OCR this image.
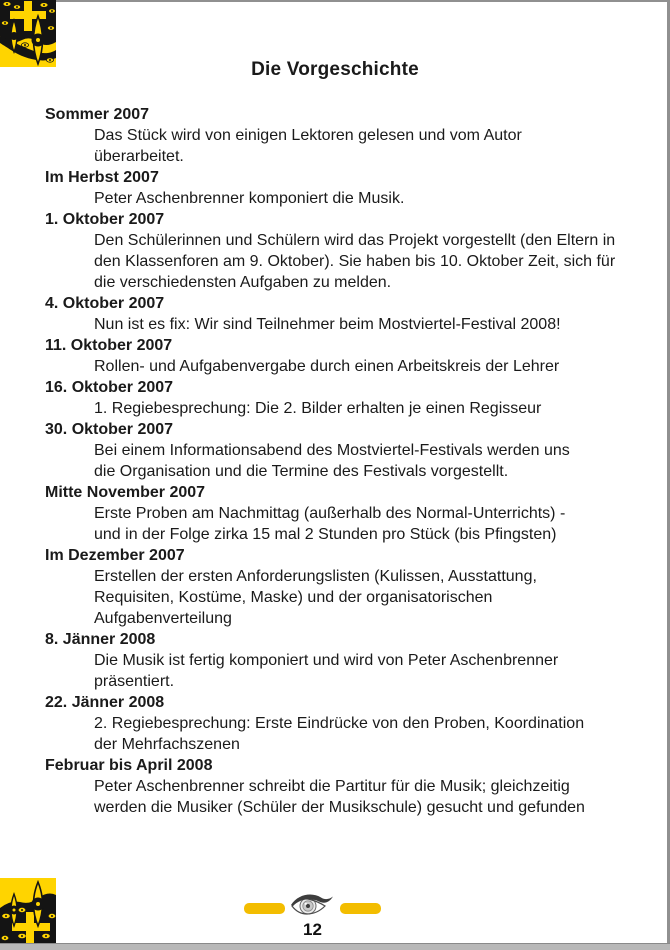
Die Vorgeschichte
Sommer 2007
Das Stück wird von einigen Lektoren gelesen und vom Autor
überarbeitet.
Im Herbst 2007
Peter Aschenbrenner komponiert die Musik.
1. Oktober 2007
Den Schülerinnen und Schülern wird das Projekt vorgestellt (den Eltern in
den Klassenforen am 9. Oktober). Sie haben bis 10. Oktober Zeit, sich für
die verschiedensten Aufgaben zu melden.
4. Oktober 2007
Nun ist es fix: Wir sind Teilnehmer beim Mostviertel-Festival 2008!
11. Oktober 2007
Rollen- und Aufgabenvergabe durch einen Arbeitskreis der Lehrer
16. Oktober 2007
1. Regiebesprechung: Die 2. Bilder erhalten je einen Regisseur
30. Oktober 2007
Bei einem Informationsabend des Mostviertel-Festivals werden uns
die Organisation und die Termine des Festivals vorgestellt.
Mitte November 2007
Erste Proben am Nachmittag (außerhalb des Normal-Unterrichts) -
und in der Folge zirka 15 mal 2 Stunden pro Stück (bis Pfingsten)
Im Dezember 2007
Erstellen der ersten Anforderungslisten (Kulissen, Ausstattung,
Requisiten, Kostüme, Maske) und der organisatorischen
Aufgabenverteilung
8. Jänner 2008
Die Musik ist fertig komponiert und wird von Peter Aschenbrenner
präsentiert.
22. Jänner 2008
2. Regiebesprechung: Erste Eindrücke von den Proben, Koordination
der Mehrfachszenen
Februar bis April 2008
Peter Aschenbrenner schreibt die Partitur für die Musik; gleichzeitig
werden die Musiker (Schüler der Musikschule) gesucht und gefunden
12
